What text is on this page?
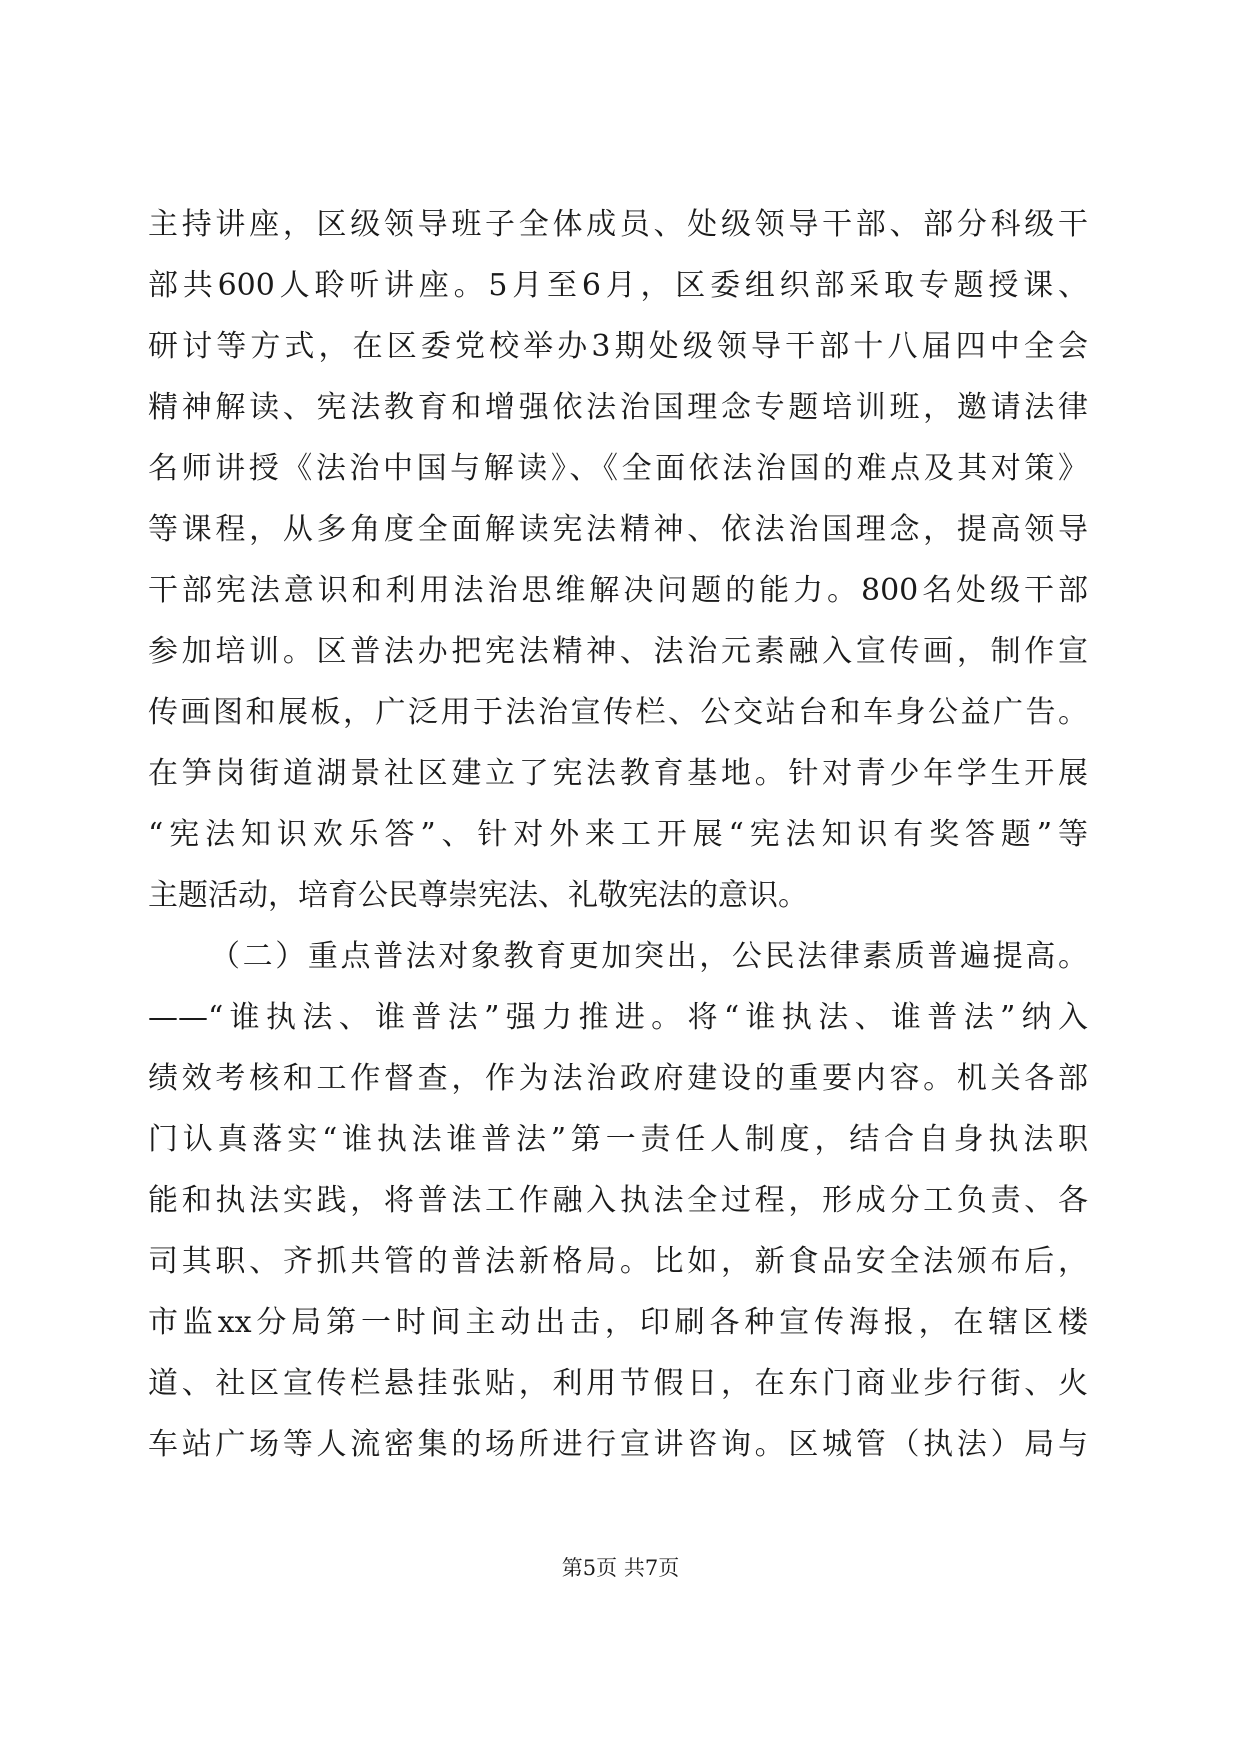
主持讲座，区级领导班子全体成员、处级领导干部、部分科级干
部共600人聆听讲座。5月至6月，区委组织部采取专题授课、
研讨等方式，在区委党校举办3期处级领导干部十八届四中全会
精神解读、宪法教育和增强依法治国理念专题培训班，邀请法律
名师讲授《法治中国与解读》、《全面依法治国的难点及其对策》
等课程，从多角度全面解读宪法精神、依法治国理念，提高领导
干部宪法意识和利用法治思维解决问题的能力。800名处级干部
参加培训。区普法办把宪法精神、法治元素融入宣传画，制作宣
传画图和展板，广泛用于法治宣传栏、公交站台和车身公益广告。
在笋岗街道湖景社区建立了宪法教育基地。针对青少年学生开展
“宪法知识欢乐答”、针对外来工开展“宪法知识有奖答题”等
主题活动，培育公民尊崇宪法、礼敬宪法的意识。
（二）重点普法对象教育更加突出，公民法律素质普遍提高。
——“谁执法、谁普法”强力推进。将“谁执法、谁普法”纳入
绩效考核和工作督查，作为法治政府建设的重要内容。机关各部
门认真落实“谁执法谁普法”第一责任人制度，结合自身执法职
能和执法实践，将普法工作融入执法全过程，形成分工负责、各
司其职、齐抓共管的普法新格局。比如，新食品安全法颁布后，
市监xx分局第一时间主动出击，印刷各种宣传海报，在辖区楼
道、社区宣传栏悬挂张贴，利用节假日，在东门商业步行街、火
车站广场等人流密集的场所进行宣讲咨询。区城管（执法）局与
第5页 共7页
